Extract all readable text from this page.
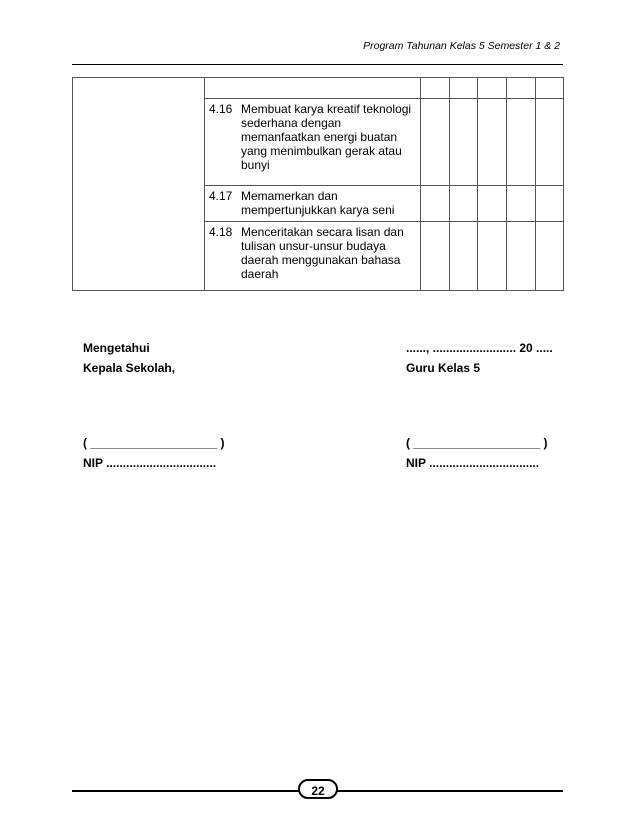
Program Tahunan Kelas 5 Semester 1 & 2

	4.16 Membuat karya kreatif teknologi sederhana dengan memanfaatkan energi buatan yang menimbulkan gerak atau bunyi					

	4.17 Memamerkan dan mempertunjukkan karya seni					

	4.18 Menceritakan secara lisan dan tulisan unsur-unsur budaya daerah menggunakan bahasa daerah					

Mengetahui
Kepala Sekolah,
( ___________________ )
NIP .................................
......, ......................... 20 .....
Guru Kelas 5
( ___________________ )
NIP .................................
22
